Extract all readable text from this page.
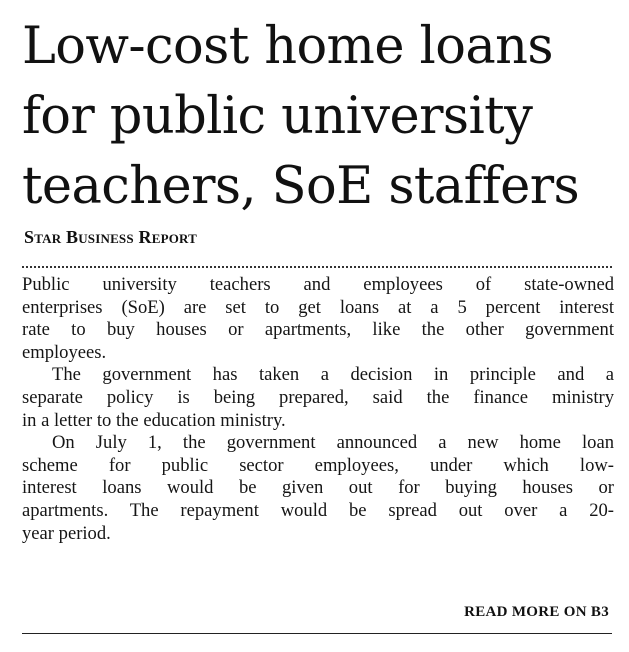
Low-cost home loans
for public university
teachers, SoE staffers
Star Business Report

Public university teachers and employees of state-owned
enterprises (SoE) are set to get loans at a 5 percent interest
rate to buy houses or apartments, like the other government
employees.

The government has taken a decision in principle and a
separate policy is being prepared, said the finance ministry
in a letter to the education ministry.

On July 1, the government announced a new home loan
scheme for public sector employees, under which low-
interest loans would be given out for buying houses or
apartments. The repayment would be spread out over a 20-
year period.

READ MORE ON B3
